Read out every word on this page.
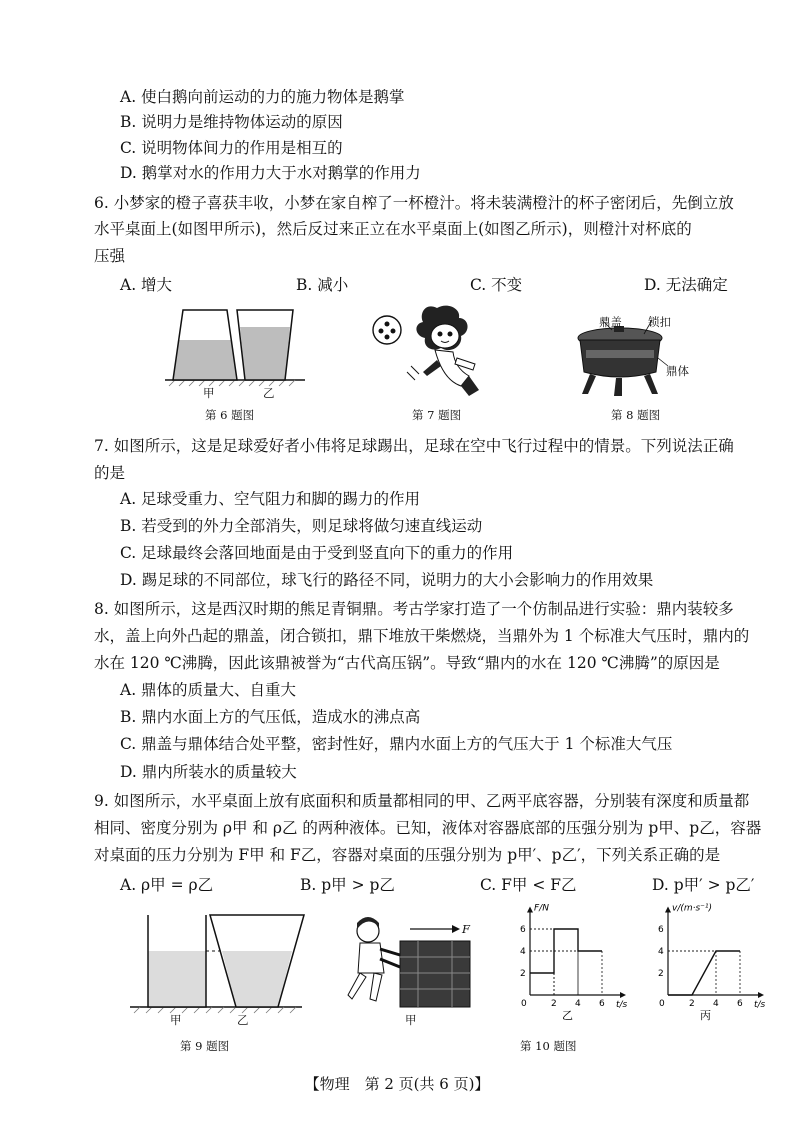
A. 使白鹅向前运动的力的施力物体是鹅掌
B. 说明力是维持物体运动的原因
C. 说明物体间力的作用是相互的
D. 鹅掌对水的作用力大于水对鹅掌的作用力
6. 小梦家的橙子喜获丰收，小梦在家自榨了一杯橙汁。将未装满橙汁的杯子密闭后，先倒立放
水平桌面上(如图甲所示)，然后反过来正立在水平桌面上(如图乙所示)，则橙汁对杯底的
压强
A. 增大	B. 减小	C. 不变	D. 无法确定
甲	乙
第 6 题图	第 7 题图
鼎盖 锁扣
鼎体
第 8 题图
7. 如图所示，这是足球爱好者小伟将足球踢出，足球在空中飞行过程中的情景。下列说法正确
的是
A. 足球受重力、空气阻力和脚的踢力的作用
B. 若受到的外力全部消失，则足球将做匀速直线运动
C. 足球最终会落回地面是由于受到竖直向下的重力的作用
D. 踢足球的不同部位，球飞行的路径不同，说明力的大小会影响力的作用效果
8. 如图所示，这是西汉时期的熊足青铜鼎。考古学家打造了一个仿制品进行实验：鼎内装较多
水，盖上向外凸起的鼎盖，闭合锁扣，鼎下堆放干柴燃烧，当鼎外为 1 个标准大气压时，鼎内的
水在 120 ℃沸腾，因此该鼎被誉为“古代高压锅”。导致“鼎内的水在 120 ℃沸腾”的原因是
A. 鼎体的质量大、自重大
B. 鼎内水面上方的气压低，造成水的沸点高
C. 鼎盖与鼎体结合处平整，密封性好，鼎内水面上方的气压大于 1 个标准大气压
D. 鼎内所装水的质量较大
9. 如图所示，水平桌面上放有底面积和质量都相同的甲、乙两平底容器，分别装有深度和质量都
相同、密度分别为 ρ甲 和 ρ乙 的两种液体。已知，液体对容器底部的压强分别为 p甲、p乙，容器
对桌面的压力分别为 F甲 和 F乙，容器对桌面的压强分别为 p甲′、p乙′，下列关系正确的是
A. ρ甲 = ρ乙	B. p甲 > p乙	C. F甲 < F乙	D. p甲′ > p乙′
甲	乙
第 9 题图
F
甲
F/N
t/s
0	2 4 6
2
4
6
乙
v/(m·s⁻¹)
t/s
0	2 4 6
2
4
6
丙
第 10 题图
【物理　第 2 页(共 6 页)】
